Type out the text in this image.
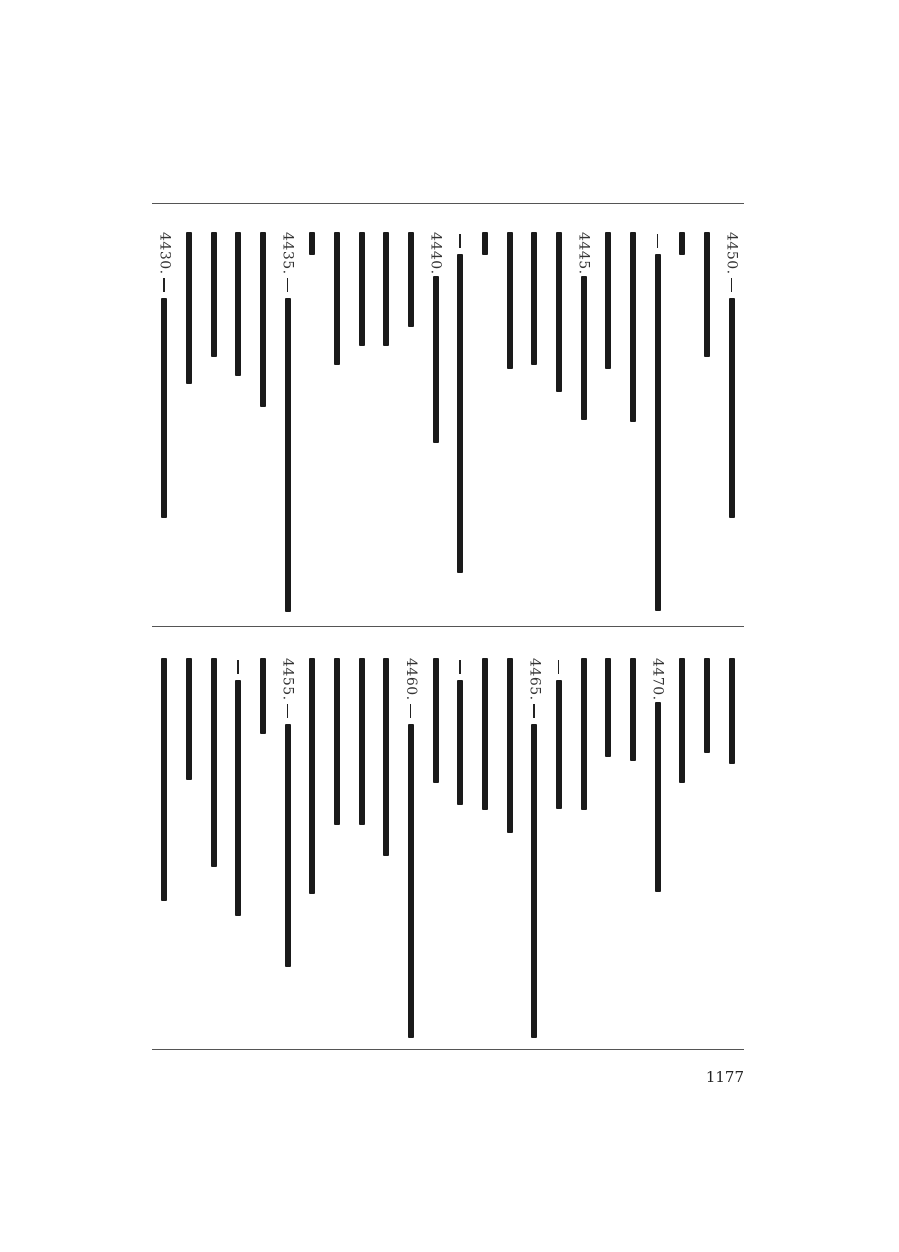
4450.
4445.
4440.
4435.
4430.
4470.
4465.
4460.
4455.
1177
